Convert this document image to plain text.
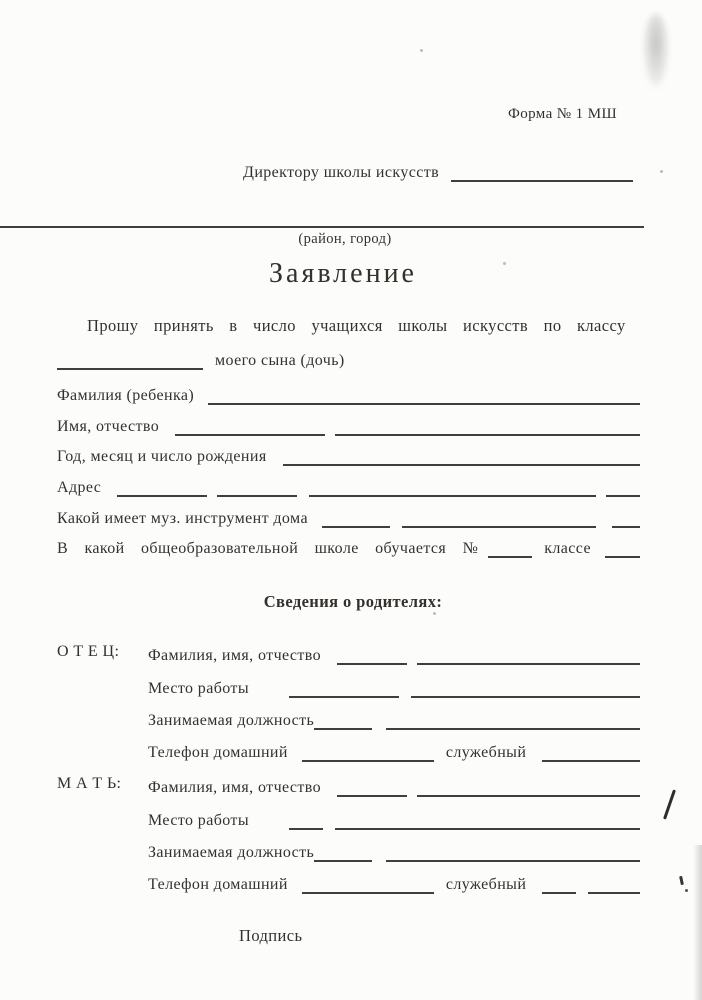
Форма № 1 МШ
Директору школы искусств
(район, город)
Заявление
Прошу принять в число учащихся школы искусств по классу
моего сына (дочь)
Фамилия (ребенка)
Имя, отчество
Год, месяц и число рождения
Адрес
Какой имеет муз. инструмент дома
В какой общеобразовательной школе обучается №	классе
Сведения о родителях:
О Т Е Ц: Фамилия, имя, отчество
Место работы
Занимаемая должность
Телефон домашний	служебный
М А Т Ь: Фамилия, имя, отчество
Место работы
Занимаемая должность
Телефон домашний	служебный
Подпись
